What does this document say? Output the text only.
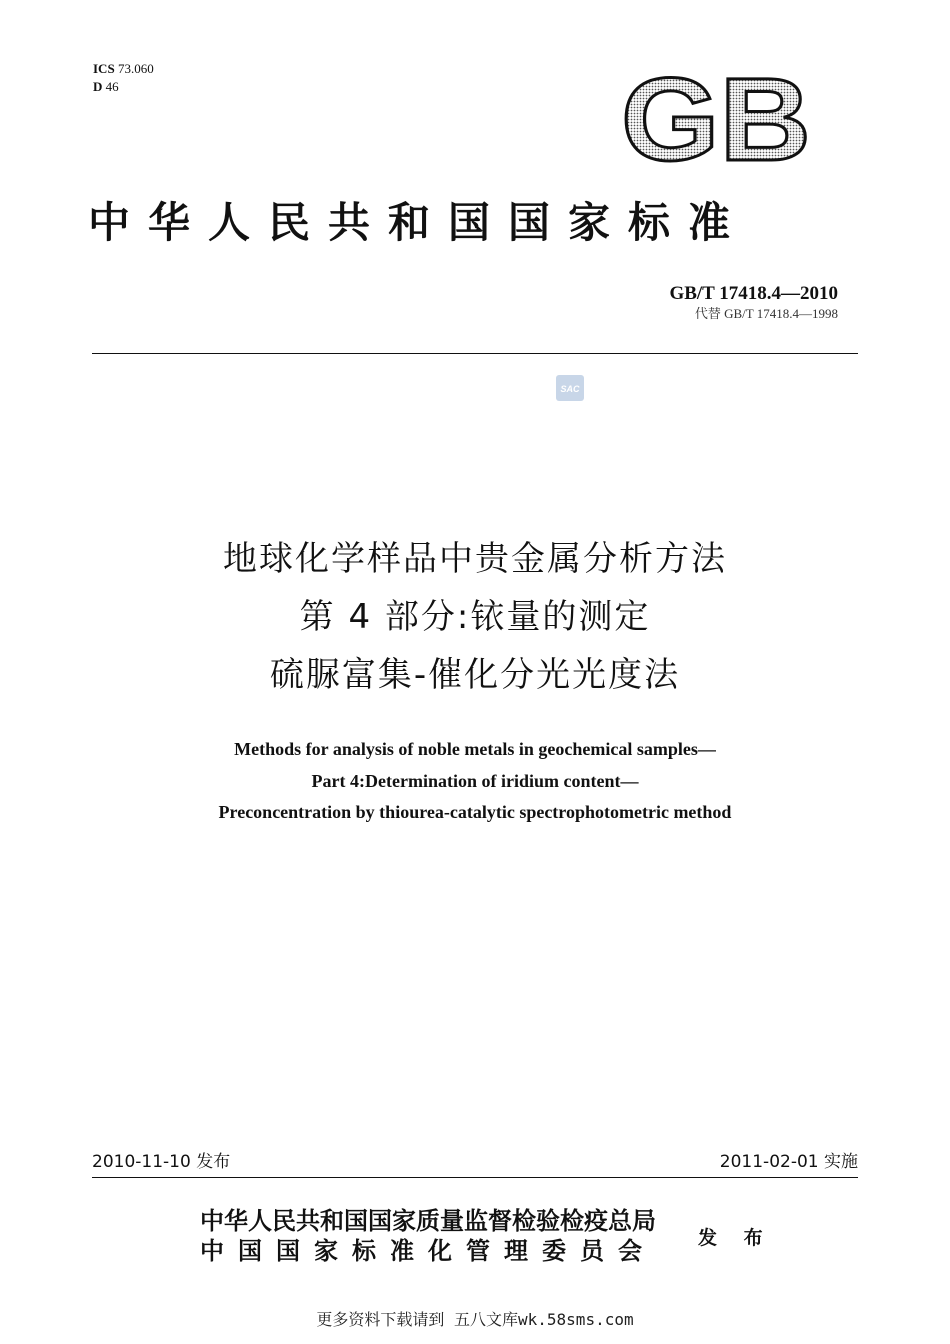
ICS 73.060
D 46	GB
中华人民共和国国家标准
GB/T 17418.4—2010
代替 GB/T 17418.4—1998
SAC
地球化学样品中贵金属分析方法
第 4 部分:铱量的测定
硫脲富集-催化分光光度法
Methods for analysis of noble metals in geochemical samples—
Part 4:Determination of iridium content—
Preconcentration by thiourea-catalytic spectrophotometric method
2010-11-10 发布	2011-02-01 实施
中华人民共和国国家质量监督检验检疫总局
中国国家标准化管理委员会 发 布
更多资料下载请到 五八文库wk.58sms.com
